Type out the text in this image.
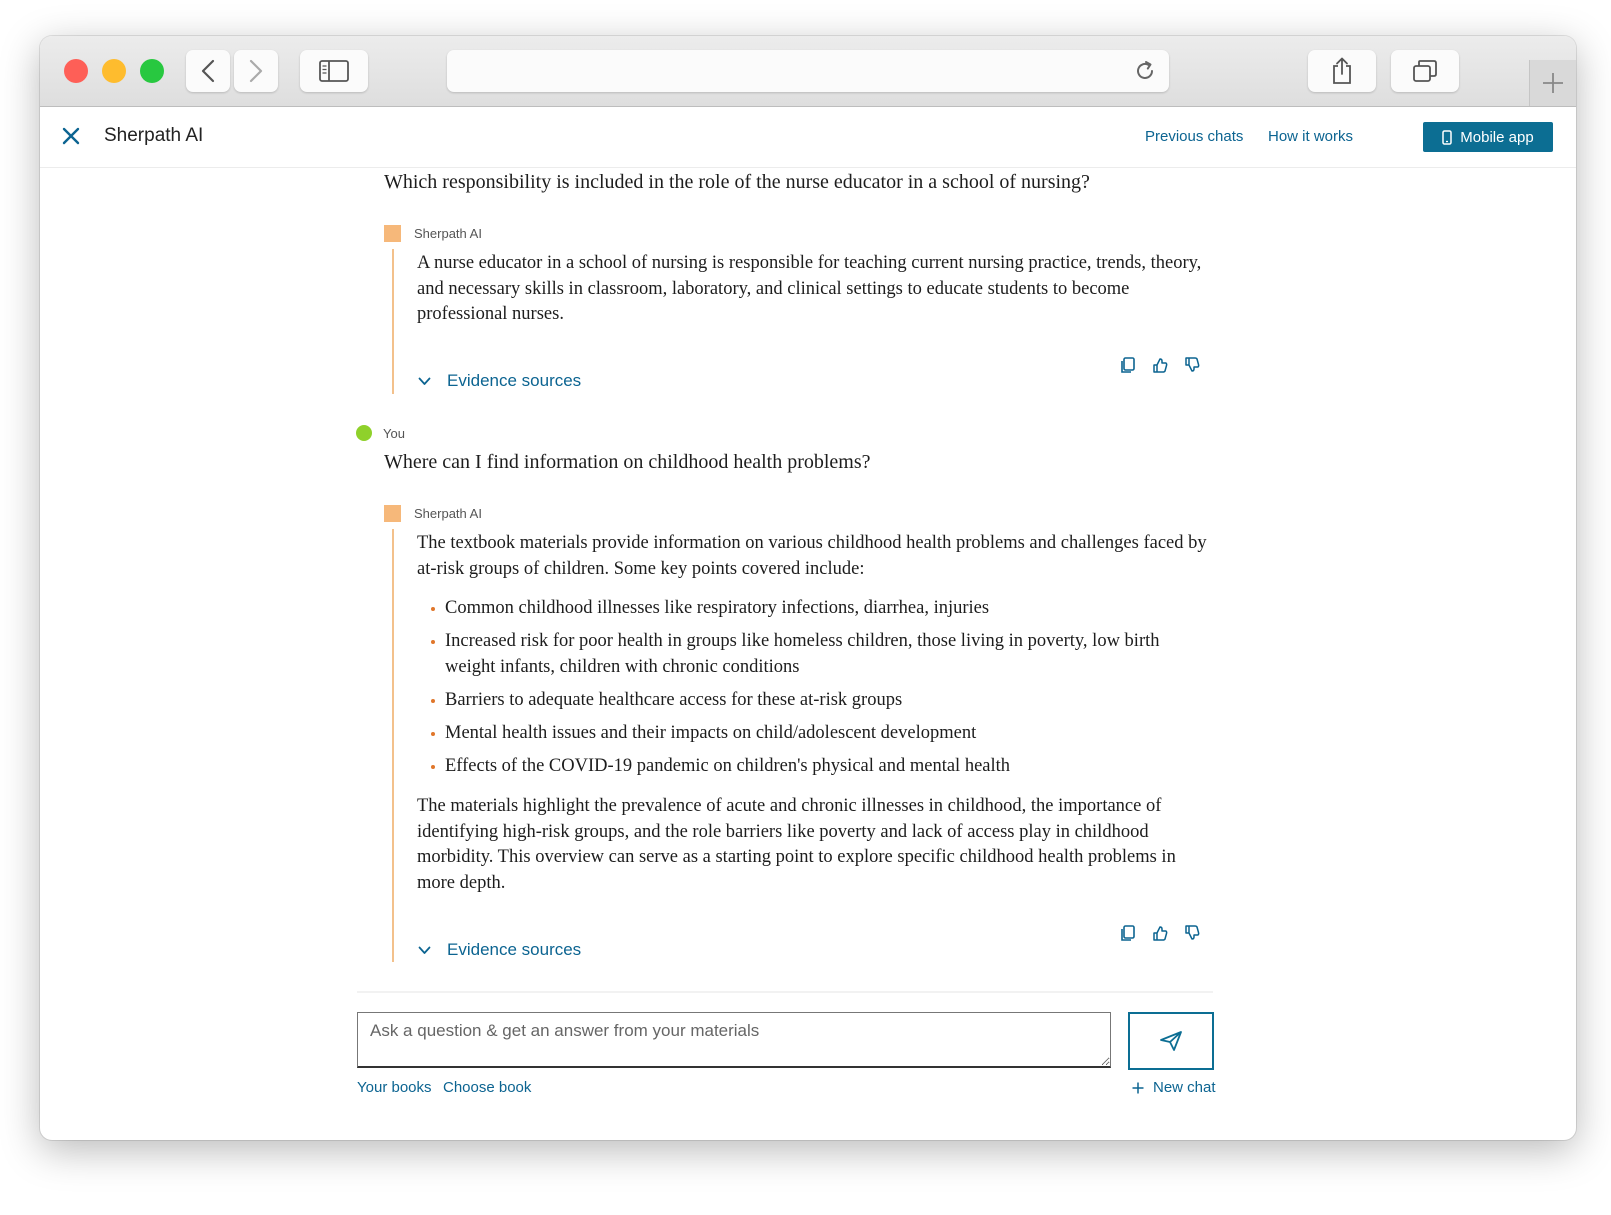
Sherpath AI	Previous chats How it works	Mobile app
Which responsibility is included in the role of the nurse educator in a school of nursing?
Sherpath AI

A nurse educator in a school of nursing is responsible for teaching current nursing practice, trends, theory, and necessary skills in classroom, laboratory, and clinical settings to educate students to become professional nurses.

Evidence sources
You
Where can I find information on childhood health problems?
Sherpath AI

The textbook materials provide information on various childhood health problems and challenges faced by at-risk groups of children. Some key points covered include:

Common childhood illnesses like respiratory infections, diarrhea, injuries
Increased risk for poor health in groups like homeless children, those living in poverty, low birth weight infants, children with chronic conditions
Barriers to adequate healthcare access for these at-risk groups
Mental health issues and their impacts on child/adolescent development
Effects of the COVID-19 pandemic on children's physical and mental health

The materials highlight the prevalence of acute and chronic illnesses in childhood, the importance of identifying high-risk groups, and the role barriers like poverty and lack of access play in childhood morbidity. This overview can serve as a starting point to explore specific childhood health problems in more depth.

Evidence sources
Ask a question & get an answer from your materials
Your books Choose book	New chat
